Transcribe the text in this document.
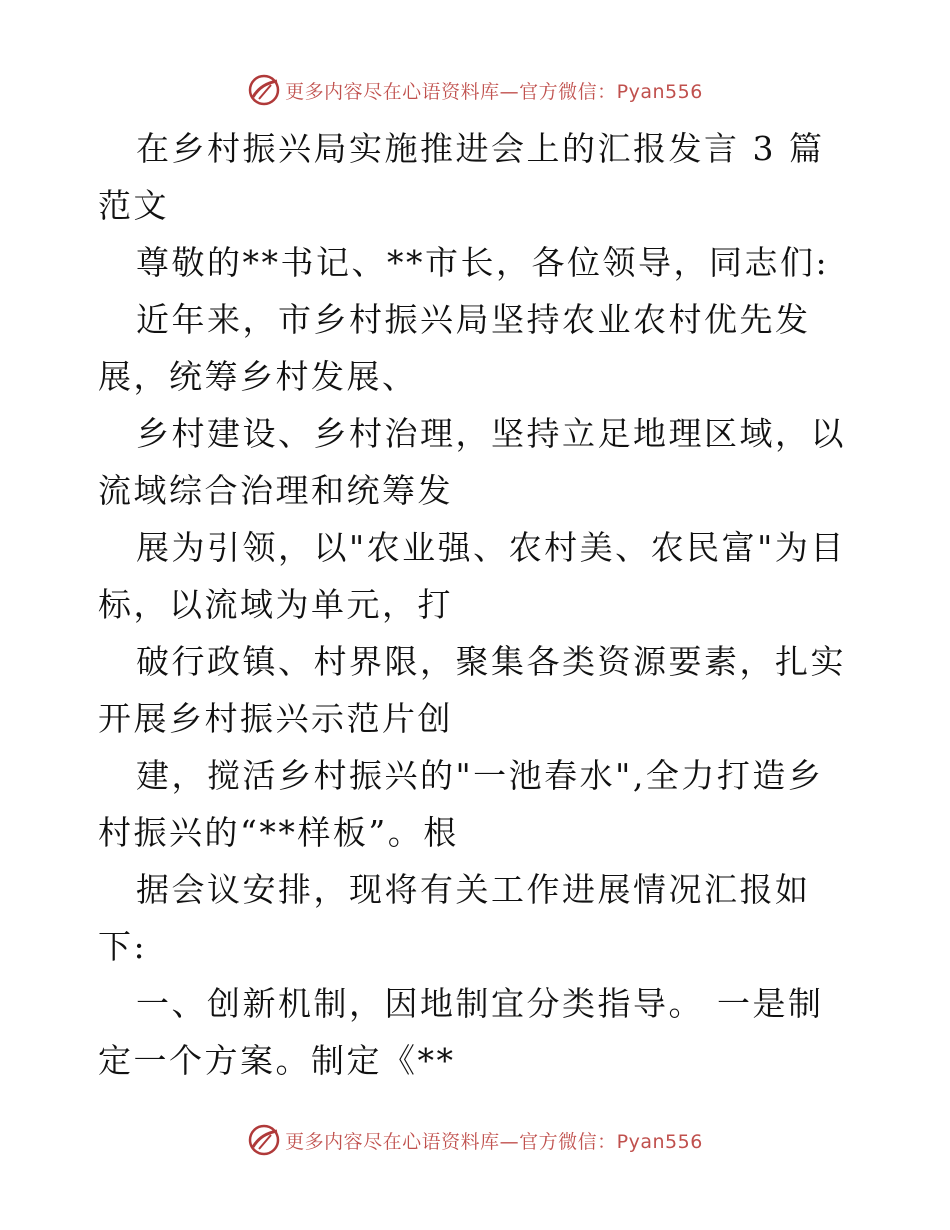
更多内容尽在心语资料库—官方微信：Pyan556

在乡村振兴局实施推进会上的汇报发言 3 篇范文

尊敬的**书记、**市长，各位领导，同志们:

近年来，市乡村振兴局坚持农业农村优先发展，统筹乡村发展、

乡村建设、乡村治理，坚持立足地理区域，以流域综合治理和统筹发

展为引领，以"农业强、农村美、农民富"为目标，以流域为单元，打

破行政镇、村界限，聚集各类资源要素，扎实开展乡村振兴示范片创

建，搅活乡村振兴的"一池春水",全力打造乡村振兴的“**样板”。根

据会议安排，现将有关工作进展情况汇报如下:

一、创新机制，因地制宜分类指导。 一是制定一个方案。制定《**

更多内容尽在心语资料库—官方微信：Pyan556
